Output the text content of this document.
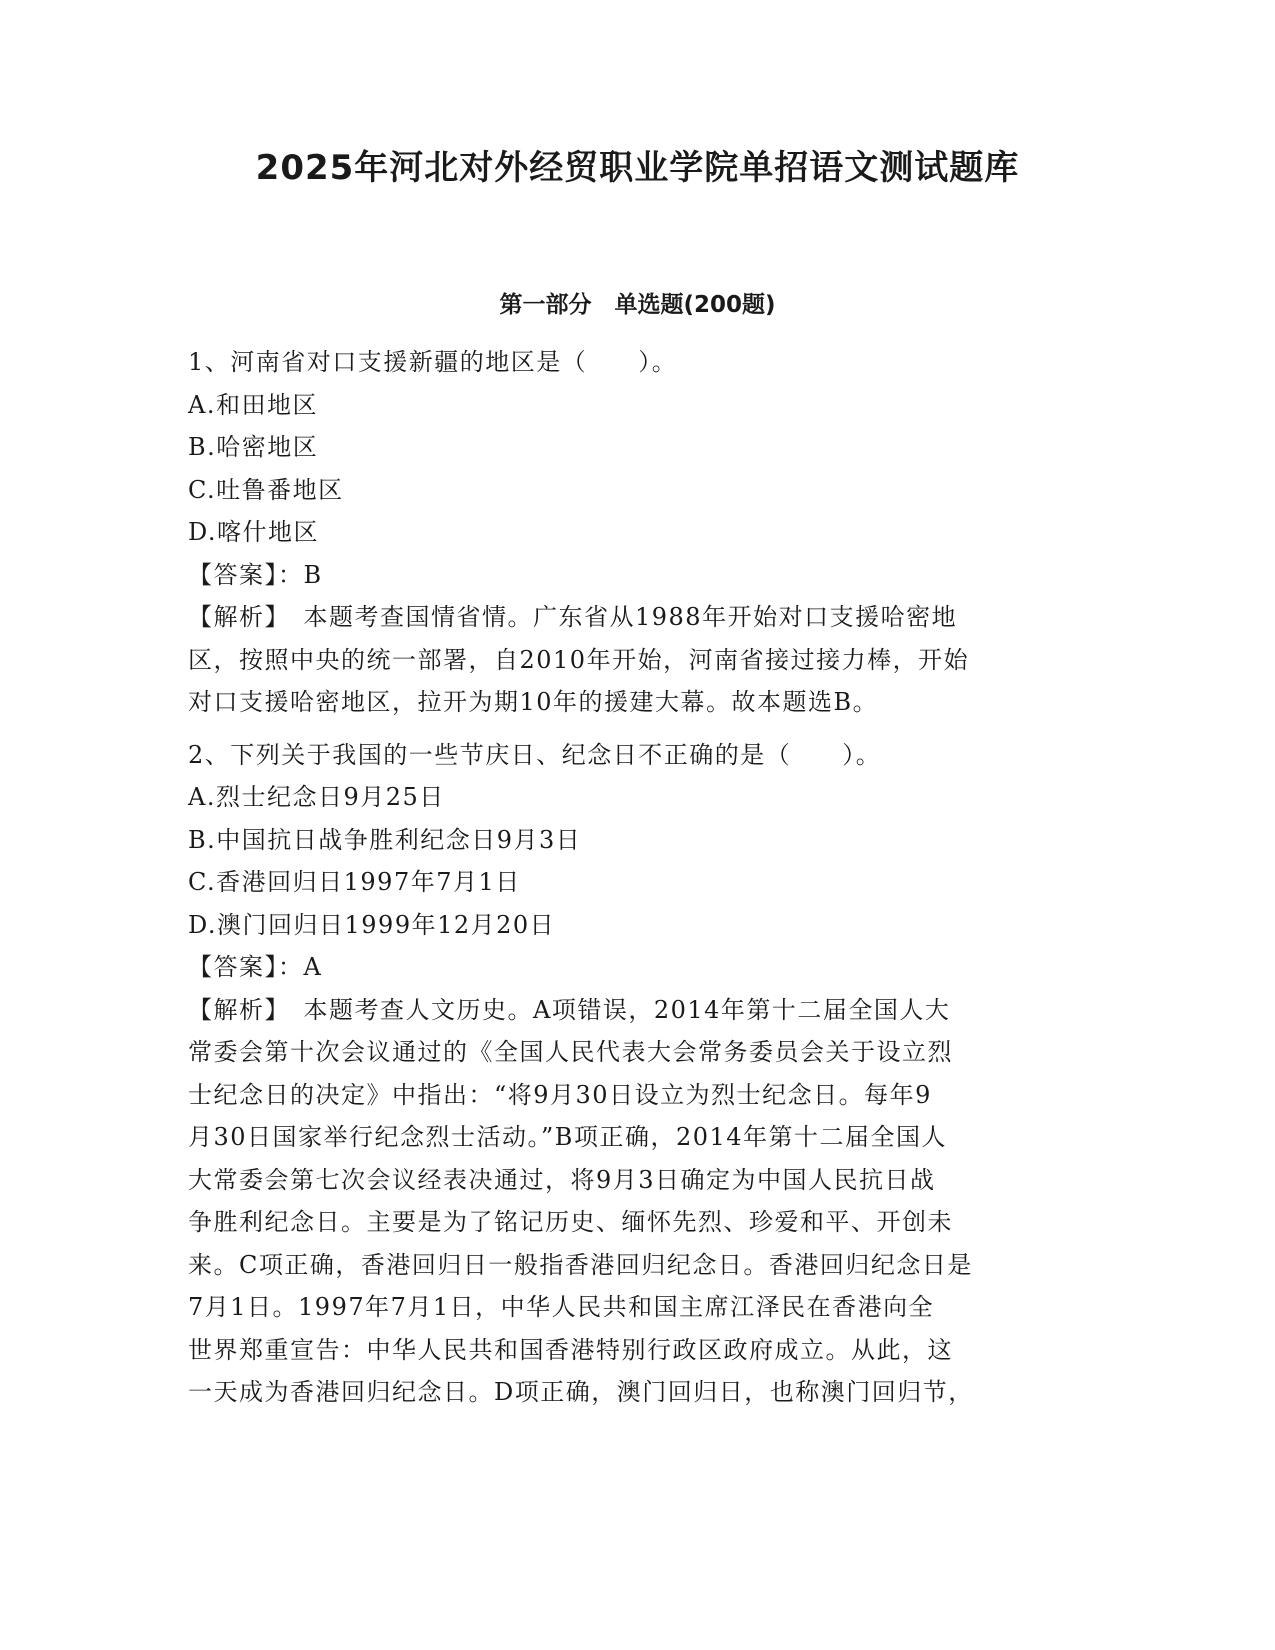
2025年河北对外经贸职业学院单招语文测试题库
第一部分　单选题(200题)
1、河南省对口支援新疆的地区是（　　）。
A.和田地区
B.哈密地区
C.吐鲁番地区
D.喀什地区
【答案】：B
【解析】　本题考查国情省情。广东省从1988年开始对口支援哈密地
区，按照中央的统一部署，自2010年开始，河南省接过接力棒，开始
对口支援哈密地区，拉开为期10年的援建大幕。故本题选B。
2、下列关于我国的一些节庆日、纪念日不正确的是（　　）。
A.烈士纪念日9月25日
B.中国抗日战争胜利纪念日9月3日
C.香港回归日1997年7月1日
D.澳门回归日1999年12月20日
【答案】：A
【解析】　本题考查人文历史。A项错误，2014年第十二届全国人大
常委会第十次会议通过的《全国人民代表大会常务委员会关于设立烈
士纪念日的决定》中指出：“将9月30日设立为烈士纪念日。每年9
月30日国家举行纪念烈士活动。”B项正确，2014年第十二届全国人
大常委会第七次会议经表决通过，将9月3日确定为中国人民抗日战
争胜利纪念日。主要是为了铭记历史、缅怀先烈、珍爱和平、开创未
来。C项正确，香港回归日一般指香港回归纪念日。香港回归纪念日是
7月1日。1997年7月1日，中华人民共和国主席江泽民在香港向全
世界郑重宣告：中华人民共和国香港特别行政区政府成立。从此，这
一天成为香港回归纪念日。D项正确，澳门回归日，也称澳门回归节，
